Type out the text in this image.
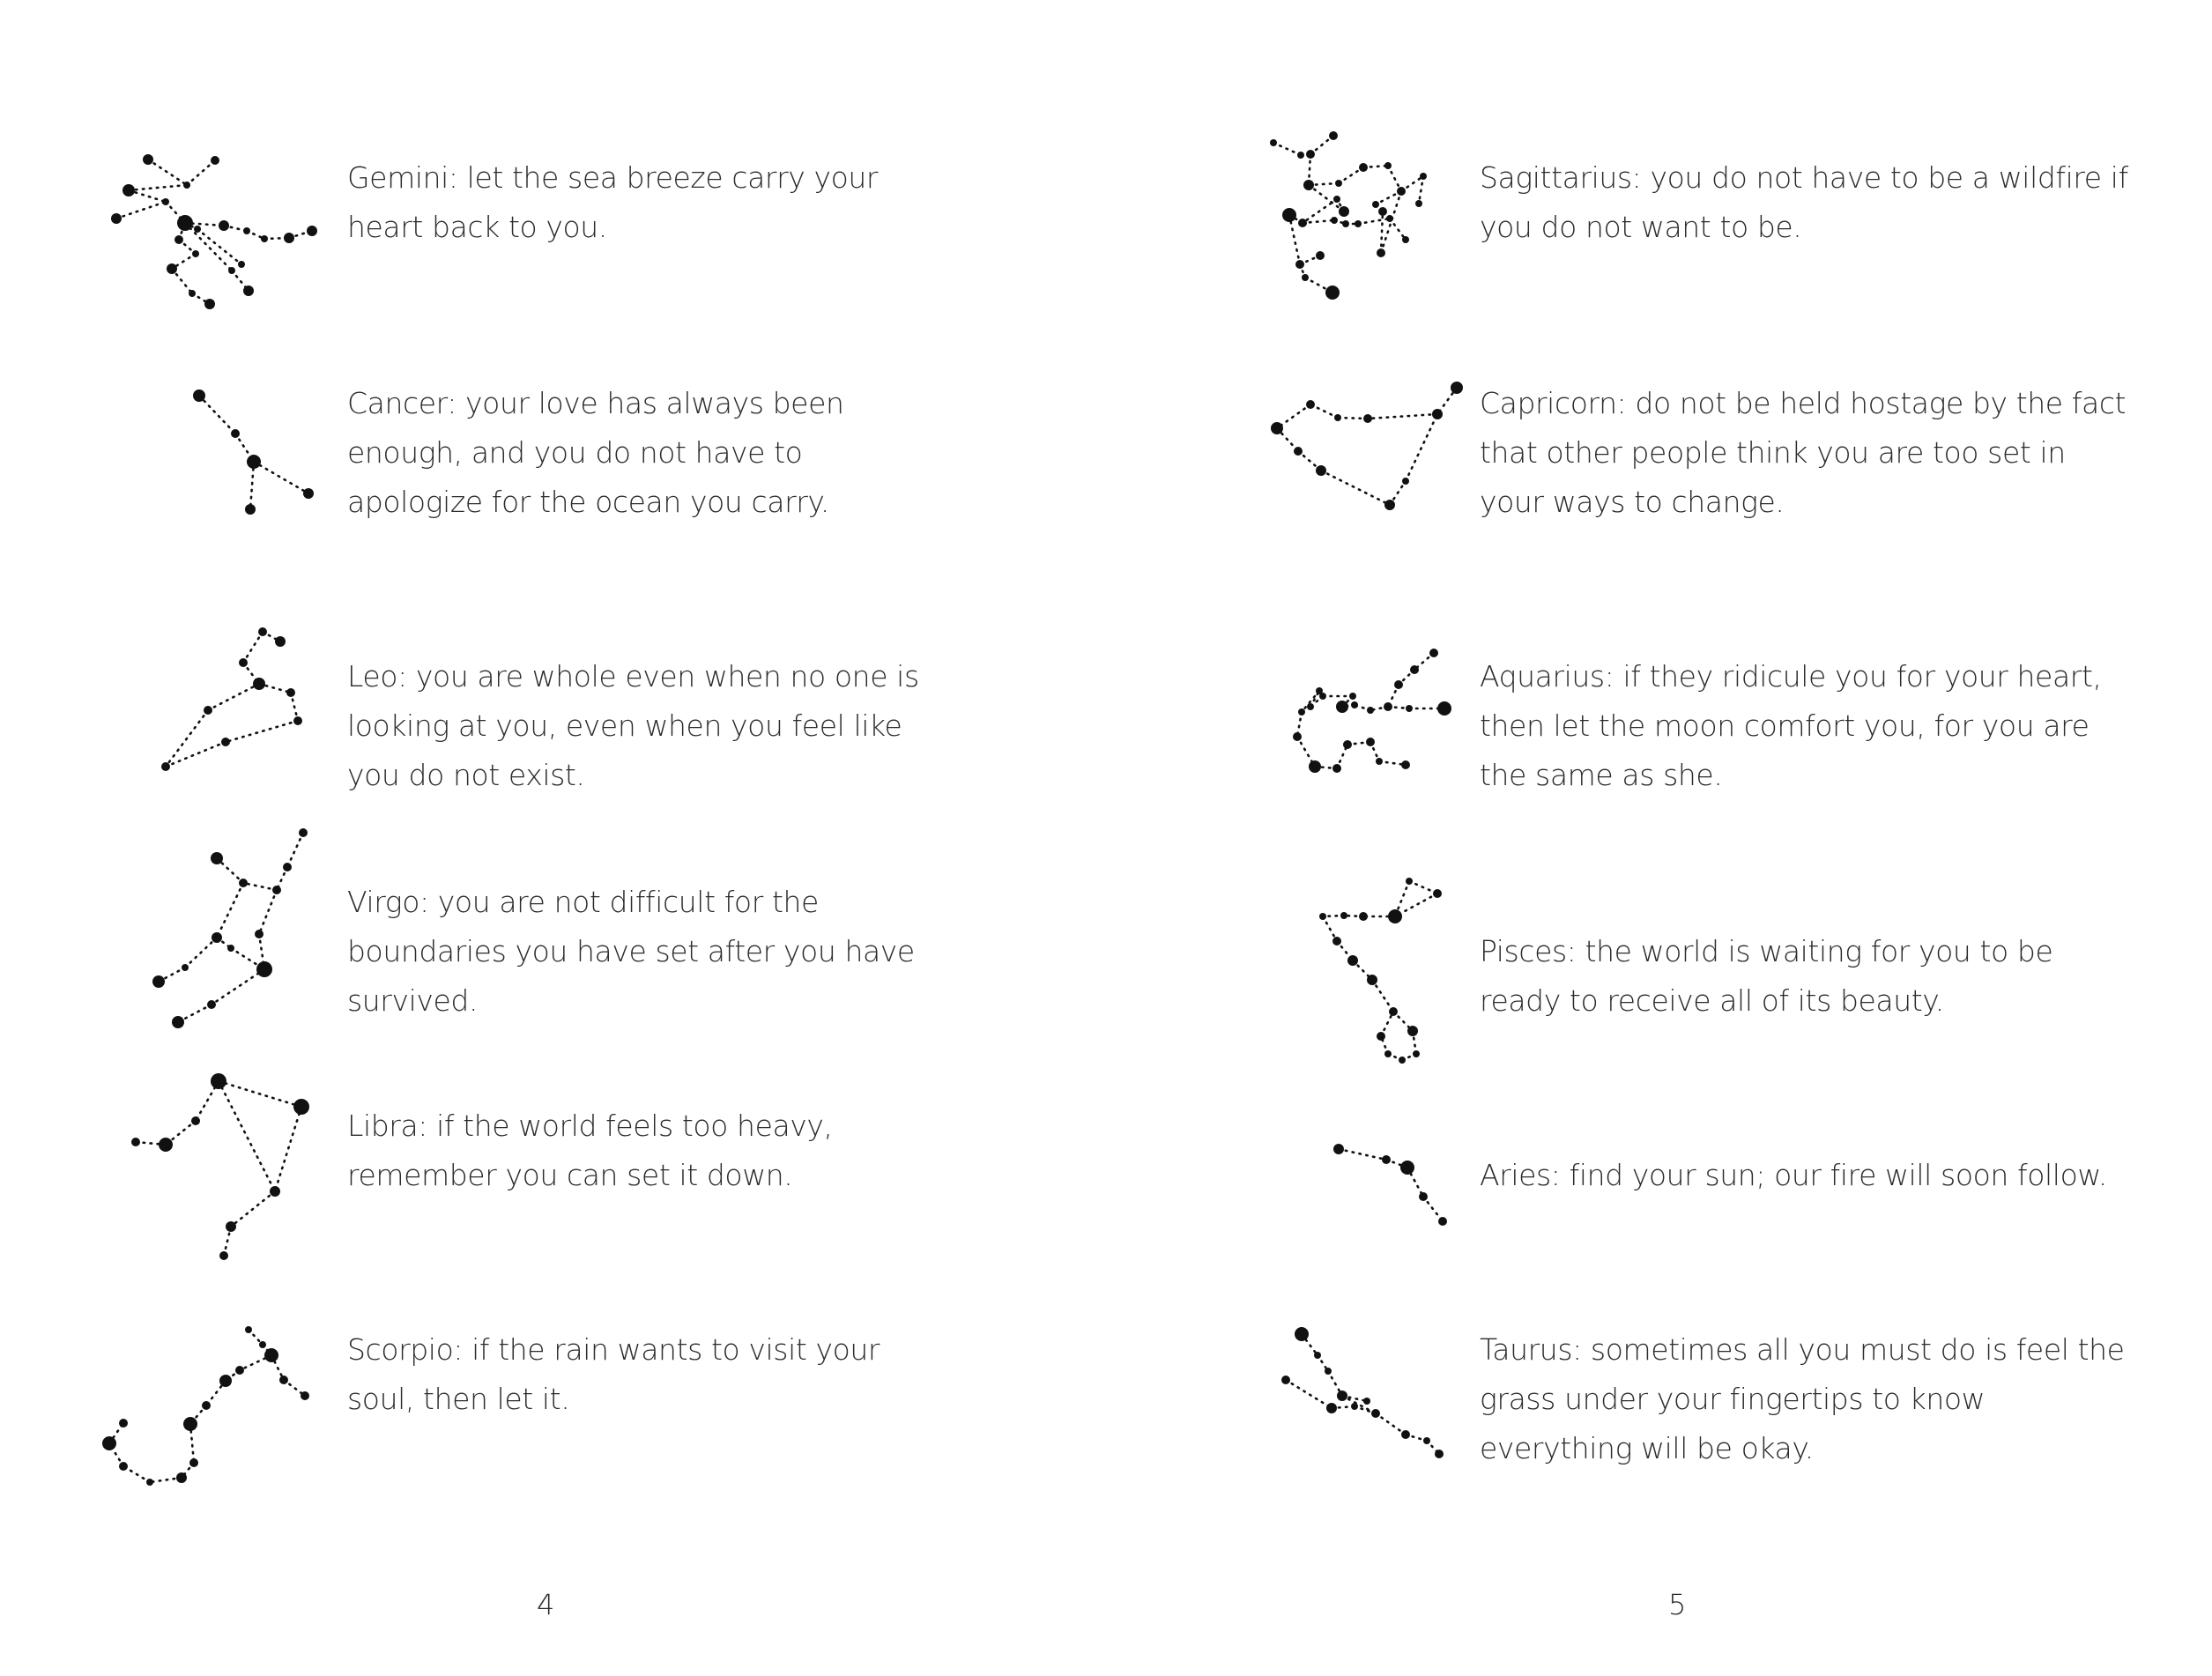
Gemini: let the sea breeze carry your heart back to you.

Cancer: your love has always been enough, and you do not have to apologize for the ocean you carry.

Leo: you are whole even when no one is looking at you, even when you feel like you do not exist.

Virgo: you are not difficult for the boundaries you have set after you have survived.

Libra: if the world feels too heavy, remember you can set it down.

Scorpio: if the rain wants to visit your soul, then let it.

4

Sagittarius: you do not have to be a wildfire if you do not want to be.

Capricorn: do not be held hostage by the fact that other people think you are too set in your ways to change.

Aquarius: if they ridicule you for your heart, then let the moon comfort you, for you are the same as she.

Pisces: the world is waiting for you to be ready to receive all of its beauty.

Aries: find your sun; our fire will soon follow.

Taurus: sometimes all you must do is feel the grass under your fingertips to know everything will be okay.

5
